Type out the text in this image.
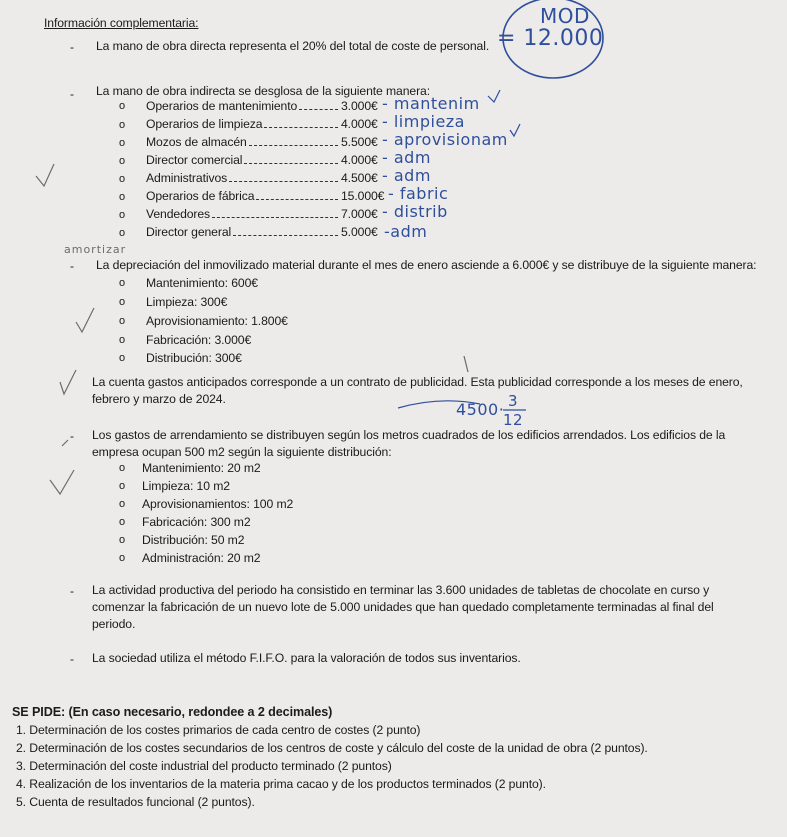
Información complementaria:
- La mano de obra directa representa el 20% del total de coste de personal.
- La mano de obra indirecta se desglosa de la siguiente manera:
o Operarios de mantenimiento	3.000€
o Operarios de limpieza	4.000€
o Mozos de almacén	5.500€
o Director comercial	4.000€
o Administrativos	4.500€
o Operarios de fábrica	15.000€
o Vendedores	7.000€
o Director general	5.000€
- La depreciación del inmovilizado material durante el mes de enero asciende a 6.000€ y se distribuye de la siguiente manera:
o Mantenimiento: 600€
o Limpieza: 300€
o Aprovisionamiento: 1.800€
o Fabricación: 3.000€
o Distribución: 300€
La cuenta gastos anticipados corresponde a un contrato de publicidad. Esta publicidad corresponde a los meses de enero,
febrero y marzo de 2024.
- Los gastos de arrendamiento se distribuyen según los metros cuadrados de los edificios arrendados. Los edificios de la
empresa ocupan 500 m2 según la siguiente distribución:
o Mantenimiento: 20 m2
o Limpieza: 10 m2
o Aprovisionamientos: 100 m2
o Fabricación: 300 m2
o Distribución: 50 m2
o Administración: 20 m2
- La actividad productiva del periodo ha consistido en terminar las 3.600 unidades de tabletas de chocolate en curso y
comenzar la fabricación de un nuevo lote de 5.000 unidades que han quedado completamente terminadas al final del
periodo.
- La sociedad utiliza el método F.I.F.O. para la valoración de todos sus inventarios.
SE PIDE: (En caso necesario, redondee a 2 decimales)
1. Determinación de los costes primarios de cada centro de costes (2 punto)
2. Determinación de los costes secundarios de los centros de coste y cálculo del coste de la unidad de obra (2 puntos).
3. Determinación del coste industrial del producto terminado (2 puntos)
4. Realización de los inventarios de la materia prima cacao y de los productos terminados (2 punto).
5. Cuenta de resultados funcional (2 puntos).
MOD
= 12.000
- mantenim
- limpieza
- aprovisionam
- adm
- adm
- fabric
- distrib
-adm
amortizar
4500· 3
12
